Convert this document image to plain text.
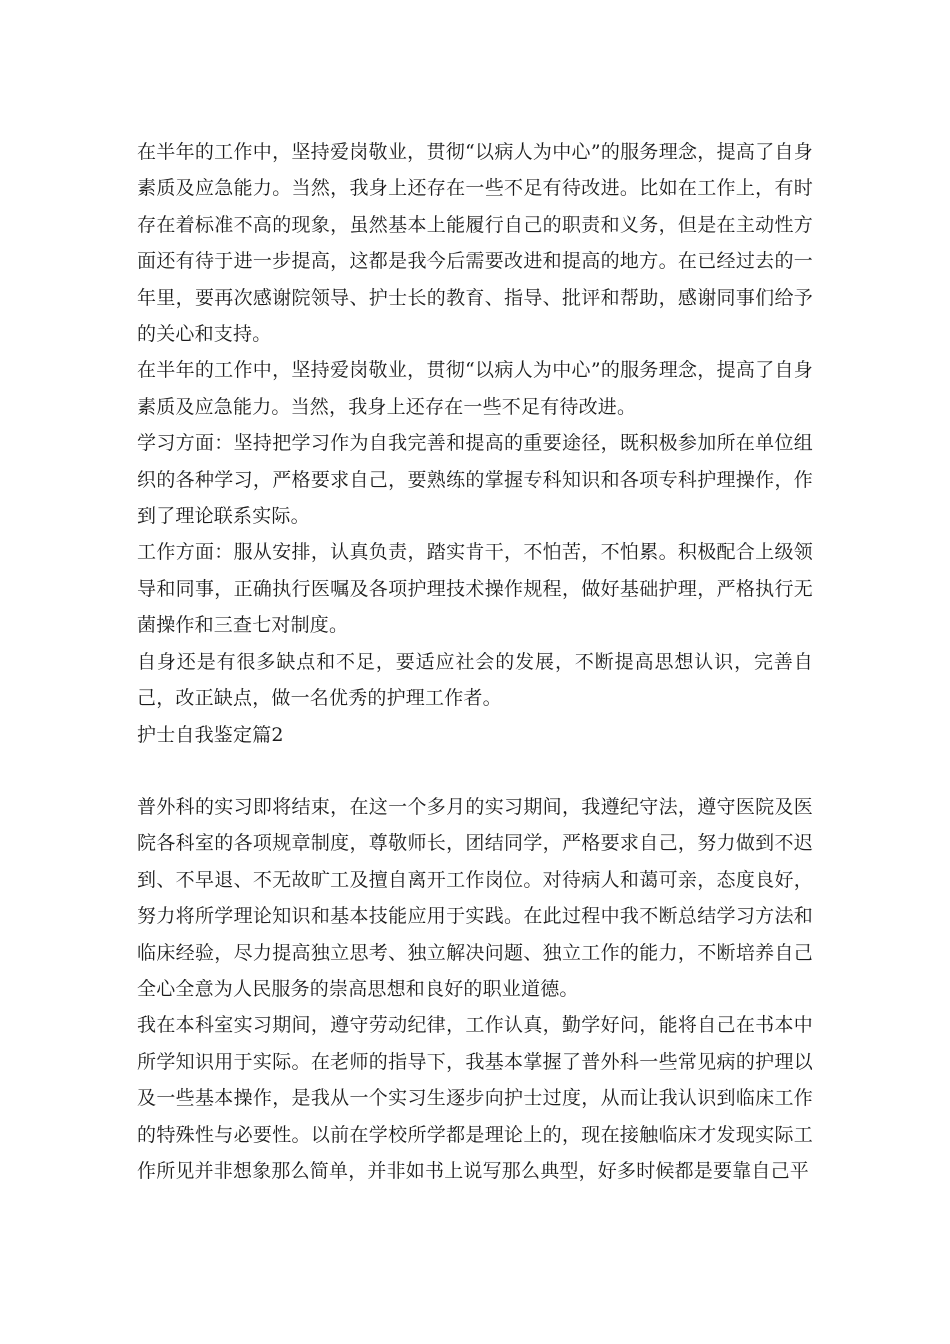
在半年的工作中，坚持爱岗敬业，贯彻“以病人为中心”的服务理念，提高了自身素质及应急能力。当然，我身上还存在一些不足有待改进。比如在工作上，有时存在着标准不高的现象，虽然基本上能履行自己的职责和义务，但是在主动性方面还有待于进一步提高，这都是我今后需要改进和提高的地方。在已经过去的一年里，要再次感谢院领导、护士长的教育、指导、批评和帮助，感谢同事们给予的关心和支持。

在半年的工作中，坚持爱岗敬业，贯彻“以病人为中心”的服务理念，提高了自身素质及应急能力。当然，我身上还存在一些不足有待改进。

学习方面：坚持把学习作为自我完善和提高的重要途径，既积极参加所在单位组织的各种学习，严格要求自己，要熟练的掌握专科知识和各项专科护理操作，作到了理论联系实际。

工作方面：服从安排，认真负责，踏实肯干，不怕苦，不怕累。积极配合上级领导和同事，正确执行医嘱及各项护理技术操作规程，做好基础护理，严格执行无菌操作和三查七对制度。

自身还是有很多缺点和不足，要适应社会的发展，不断提高思想认识，完善自己，改正缺点，做一名优秀的护理工作者。

护士自我鉴定篇2

普外科的实习即将结束，在这一个多月的实习期间，我遵纪守法，遵守医院及医院各科室的各项规章制度，尊敬师长，团结同学，严格要求自己，努力做到不迟到、不早退、不无故旷工及擅自离开工作岗位。对待病人和蔼可亲，态度良好，努力将所学理论知识和基本技能应用于实践。在此过程中我不断总结学习方法和临床经验，尽力提高独立思考、独立解决问题、独立工作的能力，不断培养自己全心全意为人民服务的崇高思想和良好的职业道德。

我在本科室实习期间，遵守劳动纪律，工作认真，勤学好问，能将自己在书本中所学知识用于实际。在老师的指导下，我基本掌握了普外科一些常见病的护理以及一些基本操作，是我从一个实习生逐步向护士过度，从而让我认识到临床工作的特殊性与必要性。以前在学校所学都是理论上的，现在接触临床才发现实际工作所见并非想象那么简单，并非如书上说写那么典型，好多时候都是要靠自己平
